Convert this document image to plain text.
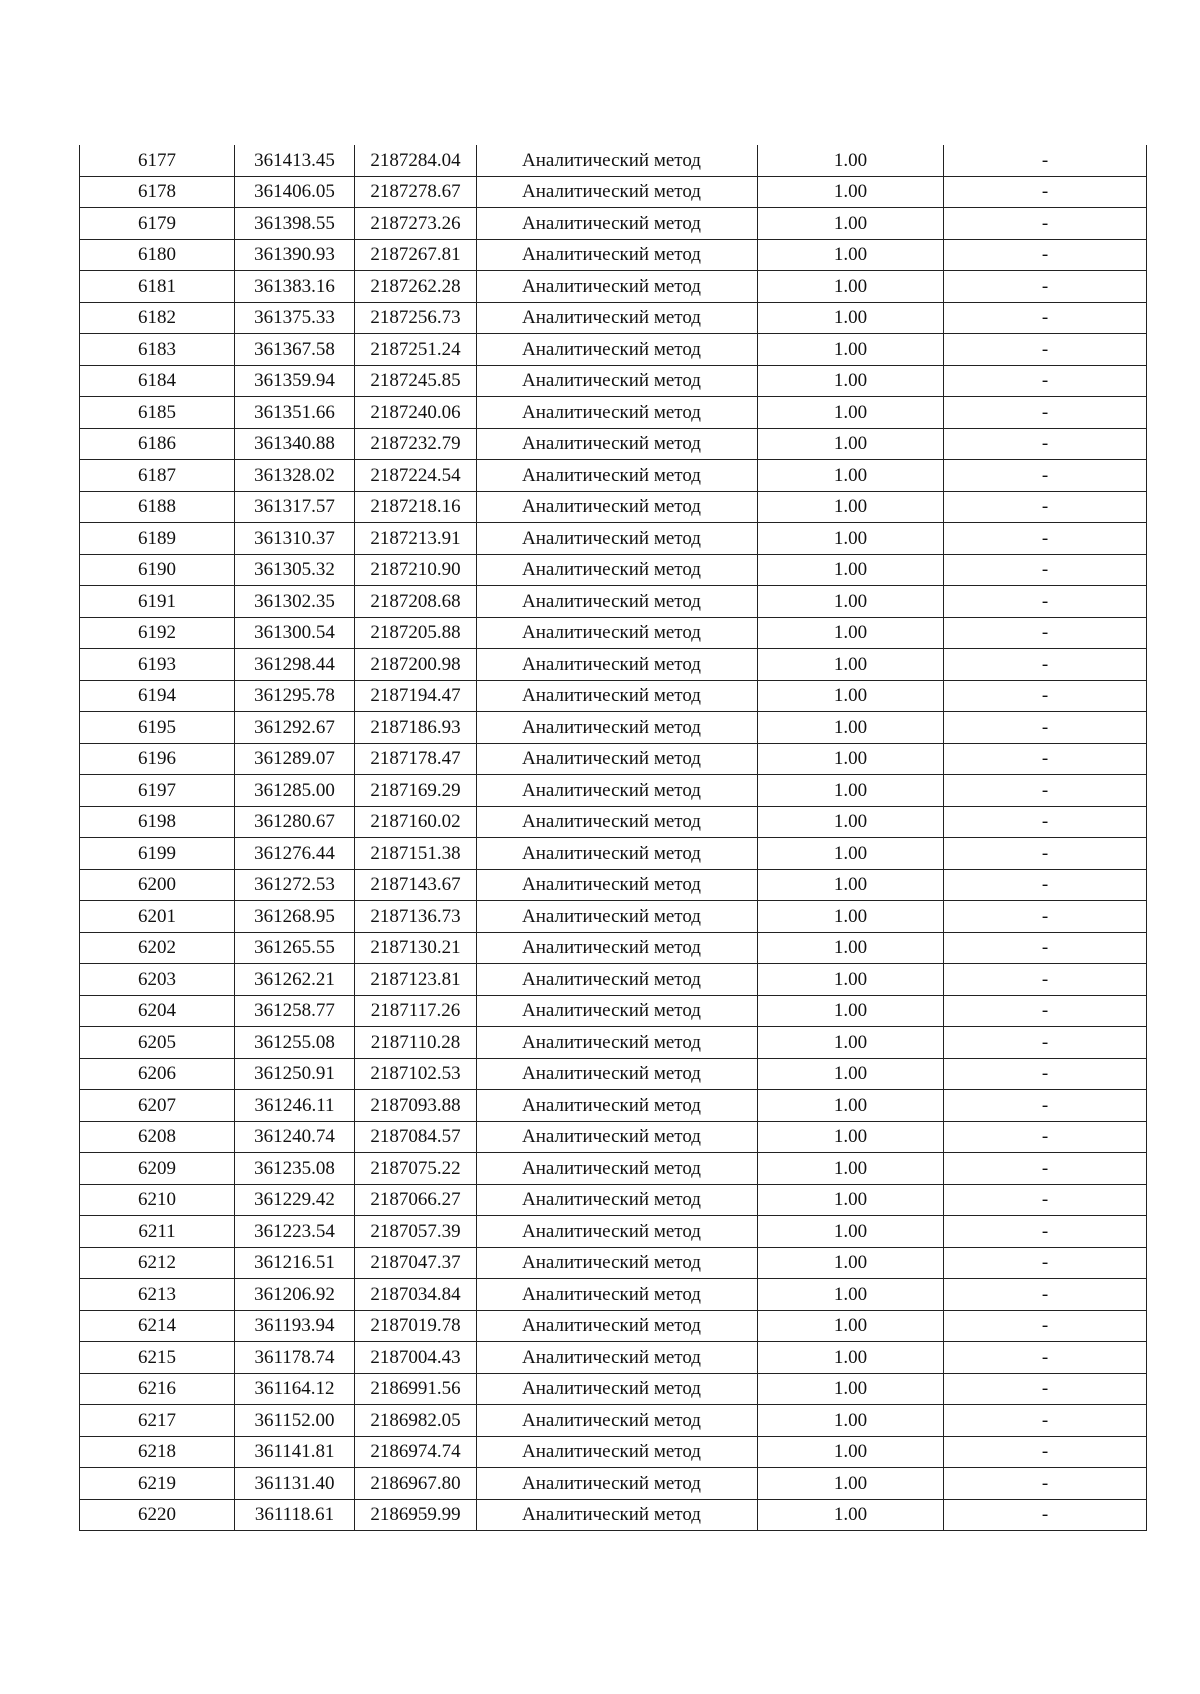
6177	361413.45	2187284.04	Аналитический метод	1.00	-
6178	361406.05	2187278.67	Аналитический метод	1.00	-
6179	361398.55	2187273.26	Аналитический метод	1.00	-
6180	361390.93	2187267.81	Аналитический метод	1.00	-
6181	361383.16	2187262.28	Аналитический метод	1.00	-
6182	361375.33	2187256.73	Аналитический метод	1.00	-
6183	361367.58	2187251.24	Аналитический метод	1.00	-
6184	361359.94	2187245.85	Аналитический метод	1.00	-
6185	361351.66	2187240.06	Аналитический метод	1.00	-
6186	361340.88	2187232.79	Аналитический метод	1.00	-
6187	361328.02	2187224.54	Аналитический метод	1.00	-
6188	361317.57	2187218.16	Аналитический метод	1.00	-
6189	361310.37	2187213.91	Аналитический метод	1.00	-
6190	361305.32	2187210.90	Аналитический метод	1.00	-
6191	361302.35	2187208.68	Аналитический метод	1.00	-
6192	361300.54	2187205.88	Аналитический метод	1.00	-
6193	361298.44	2187200.98	Аналитический метод	1.00	-
6194	361295.78	2187194.47	Аналитический метод	1.00	-
6195	361292.67	2187186.93	Аналитический метод	1.00	-
6196	361289.07	2187178.47	Аналитический метод	1.00	-
6197	361285.00	2187169.29	Аналитический метод	1.00	-
6198	361280.67	2187160.02	Аналитический метод	1.00	-
6199	361276.44	2187151.38	Аналитический метод	1.00	-
6200	361272.53	2187143.67	Аналитический метод	1.00	-
6201	361268.95	2187136.73	Аналитический метод	1.00	-
6202	361265.55	2187130.21	Аналитический метод	1.00	-
6203	361262.21	2187123.81	Аналитический метод	1.00	-
6204	361258.77	2187117.26	Аналитический метод	1.00	-
6205	361255.08	2187110.28	Аналитический метод	1.00	-
6206	361250.91	2187102.53	Аналитический метод	1.00	-
6207	361246.11	2187093.88	Аналитический метод	1.00	-
6208	361240.74	2187084.57	Аналитический метод	1.00	-
6209	361235.08	2187075.22	Аналитический метод	1.00	-
6210	361229.42	2187066.27	Аналитический метод	1.00	-
6211	361223.54	2187057.39	Аналитический метод	1.00	-
6212	361216.51	2187047.37	Аналитический метод	1.00	-
6213	361206.92	2187034.84	Аналитический метод	1.00	-
6214	361193.94	2187019.78	Аналитический метод	1.00	-
6215	361178.74	2187004.43	Аналитический метод	1.00	-
6216	361164.12	2186991.56	Аналитический метод	1.00	-
6217	361152.00	2186982.05	Аналитический метод	1.00	-
6218	361141.81	2186974.74	Аналитический метод	1.00	-
6219	361131.40	2186967.80	Аналитический метод	1.00	-
6220	361118.61	2186959.99	Аналитический метод	1.00	-
